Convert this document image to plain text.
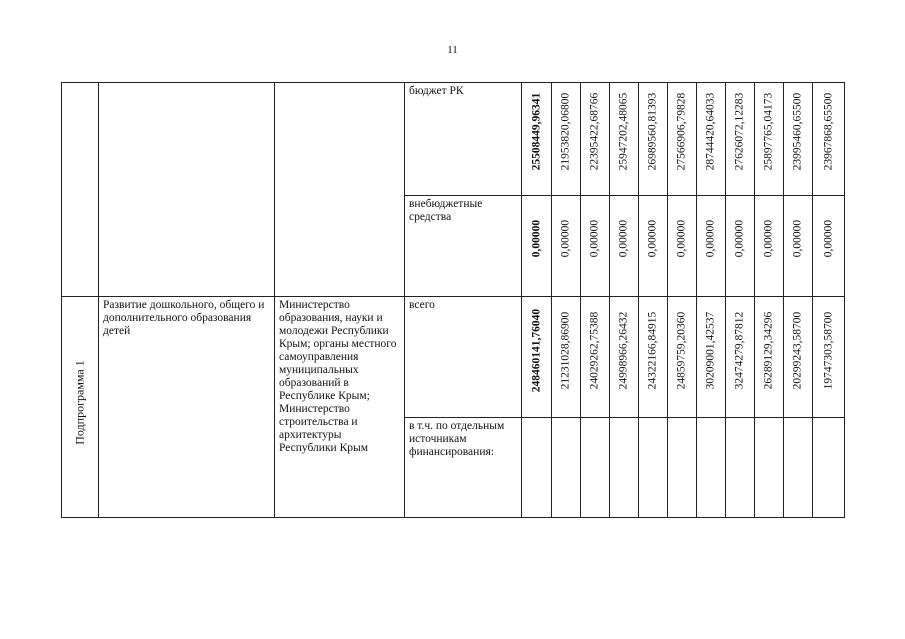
11

			бюджет РК	25508449,96341	21953820,06800	22395422,68766	25947202,48065	26989560,81393	27566906,79828	28744420,64033	27626072,12283	25897765,04173	23995460,65500	23967868,65500

			внебюджетные средства	0,00000	0,00000	0,00000	0,00000	0,00000	0,00000	0,00000	0,00000	0,00000	0,00000	0,00000

Подпрограмма 1	Развитие дошкольного, общего и дополнительного образования детей	Министерство образования, науки и молодежи Республики Крым; органы местного самоуправления муниципальных образований в Республике Крым; Министерство строительства и архитектуры Республики Крым	всего	248460141,76040	21231028,86900	24029262,75388	24998966,26432	24322166,84915	24859759,20360	30209001,42537	32474279,87812	26289129,34296	20299243,58700	19747303,58700

			в т.ч. по отдельным источникам финансирования:											
